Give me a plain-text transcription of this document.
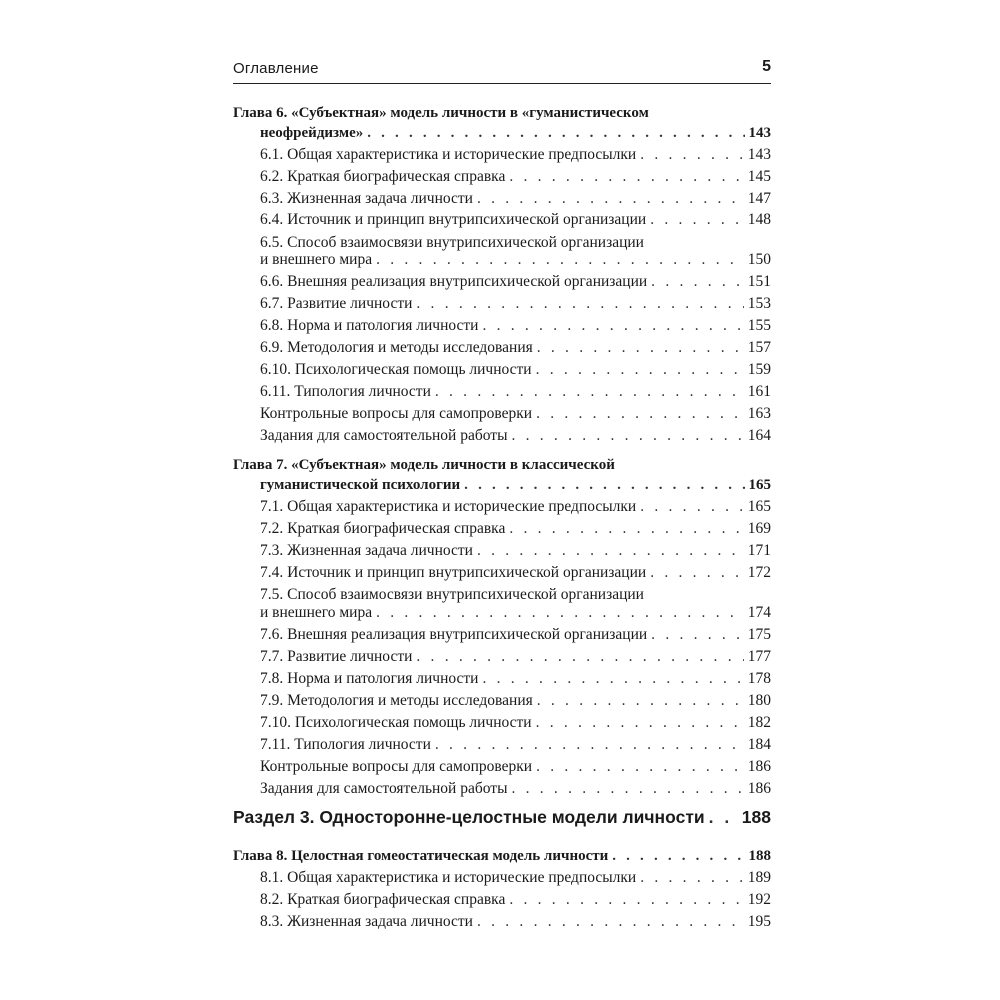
Оглавление	5
Глава 6. «Субъектная» модель личности в «гуманистическом
неофрейдизме» . . .	143
6.1. Общая характеристика и исторические предпосылки . . .	143
6.2. Краткая биографическая справка . . .	145
6.3. Жизненная задача личности . . .	147
6.4. Источник и принцип внутрипсихической организации . . .	148
6.5. Способ взаимосвязи внутрипсихической организации
и внешнего мира . . .	150
6.6. Внешняя реализация внутрипсихической организации . . .	151
6.7. Развитие личности . . .	153
6.8. Норма и патология личности . . .	155
6.9. Методология и методы исследования . . .	157
6.10. Психологическая помощь личности . . .	159
6.11. Типология личности . . .	161
Контрольные вопросы для самопроверки . . .	163
Задания для самостоятельной работы . . .	164
Глава 7. «Субъектная» модель личности в классической
гуманистической психологии . . .	165
7.1. Общая характеристика и исторические предпосылки . . .	165
7.2. Краткая биографическая справка . . .	169
7.3. Жизненная задача личности . . .	171
7.4. Источник и принцип внутрипсихической организации . . .	172
7.5. Способ взаимосвязи внутрипсихической организации
и внешнего мира . . .	174
7.6. Внешняя реализация внутрипсихической организации . . .	175
7.7. Развитие личности . . .	177
7.8. Норма и патология личности . . .	178
7.9. Методология и методы исследования . . .	180
7.10. Психологическая помощь личности . . .	182
7.11. Типология личности . . .	184
Контрольные вопросы для самопроверки . . .	186
Задания для самостоятельной работы . . .	186
Раздел 3. Односторонне-целостные модели личности . . . 188
Глава 8. Целостная гомеостатическая модель личности . . .	188
8.1. Общая характеристика и исторические предпосылки . . .	189
8.2. Краткая биографическая справка . . .	192
8.3. Жизненная задача личности . . .	195
